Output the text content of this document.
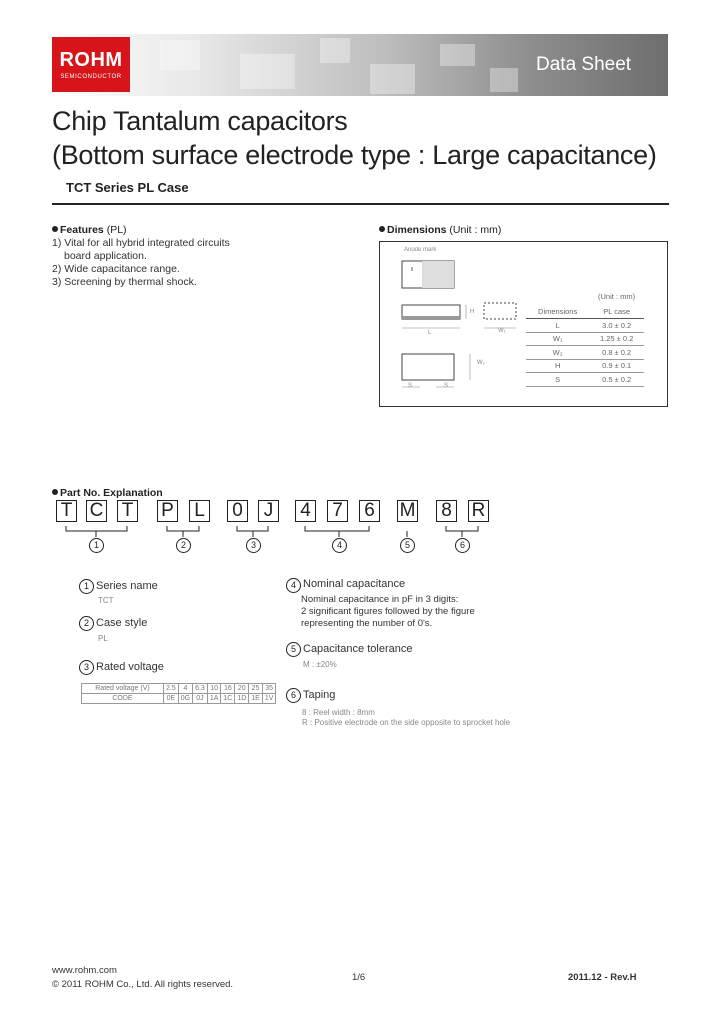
ROHM
SEMICONDUCTOR
Data Sheet
Chip Tantalum capacitors
(Bottom surface electrode type : Large capacitance)
TCT Series PL Case
Features (PL)
1) Vital for all hybrid integrated circuits
board application.
2) Wide capacitance range.
3) Screening by thermal shock.
Dimensions (Unit : mm)
Anode mark
L
H
W₁
W₂
S	S
(Unit : mm)
Dimensions	PL case
L	3.0 ± 0.2
W₁	1.25 ± 0.2
W₂	0.8 ± 0.2
H	0.9 ± 0.1
S	0.5 ± 0.2
Part No. Explanation
T C T P L 0	J	4 7 6 M 8 R
1	2	3	4	5	6
1 Series name
TCT
2 Case style
PL
3 Rated voltage
Rated voltage (V)	2.5	4	6.3	10	16	20	25	35
CODE	0E	0G	0J	1A	1C	1D	1E	1V
4 Nominal capacitance
Nominal capacitance in pF in 3 digits:
2 significant figures followed by the figure
representing the number of 0's.
5 Capacitance tolerance
M : ±20%
6 Taping
8 : Reel width : 8mm
R : Positive electrode on the side opposite to sprocket hole
www.rohm.com
© 2011 ROHM Co., Ltd. All rights reserved.
1/6	2011.12 - Rev.H
